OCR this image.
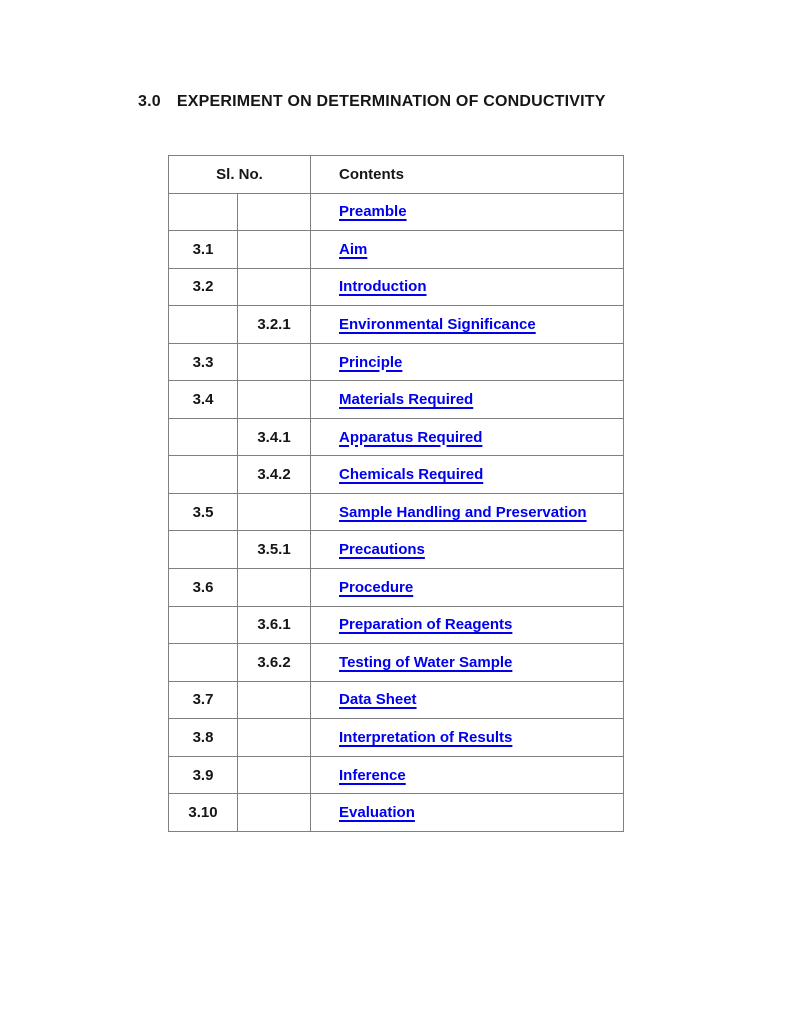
3.0 EXPERIMENT ON DETERMINATION OF CONDUCTIVITY
Sl. No.		Contents
		Preamble
3.1		Aim
3.2		Introduction
	3.2.1	Environmental Significance
3.3		Principle
3.4		Materials Required
	3.4.1	Apparatus Required
	3.4.2	Chemicals Required
3.5		Sample Handling and Preservation
	3.5.1	Precautions
3.6		Procedure
	3.6.1	Preparation of Reagents
	3.6.2	Testing of Water Sample
3.7		Data Sheet
3.8		Interpretation of Results
3.9		Inference
3.10		Evaluation
